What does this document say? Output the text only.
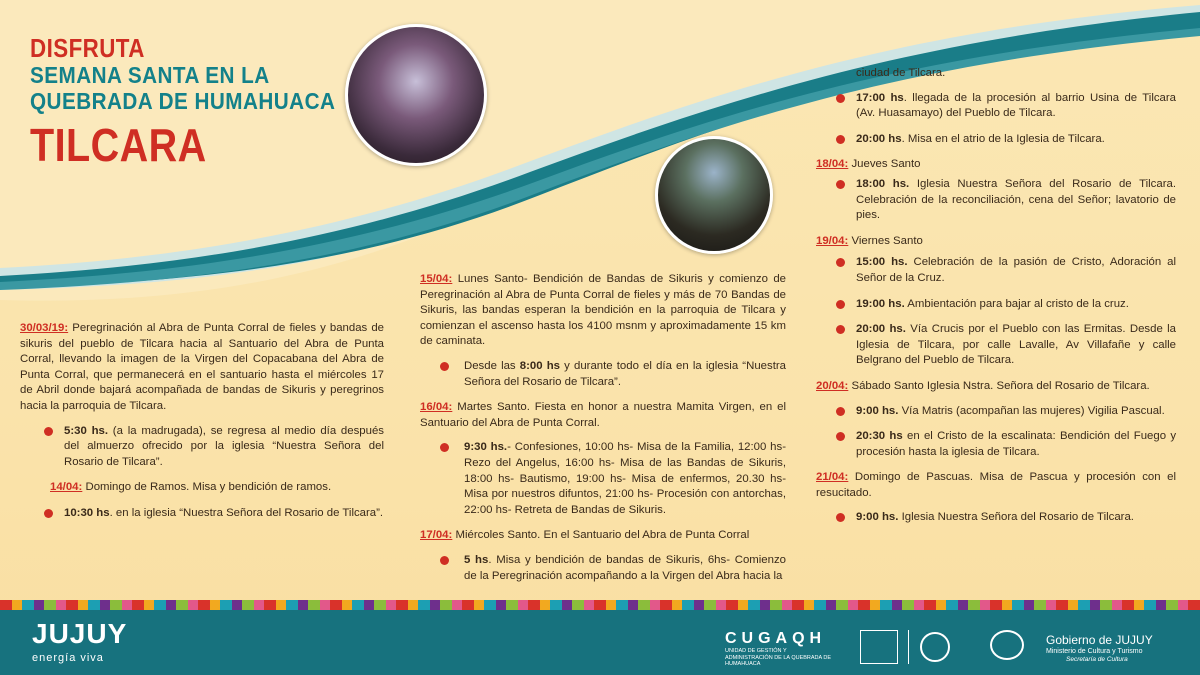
DISFRUTA
SEMANA SANTA EN LA
QUEBRADA DE HUMAHUACA
TILCARA
30/03/19: Peregrinación al Abra de Punta Corral de fieles y bandas de sikuris del pueblo de Tilcara hacia al Santuario del Abra de Punta Corral, llevando la imagen de la Virgen del Copacabana del Abra de Punta Corral, que permanecerá en el santuario hasta el miércoles 17 de Abril donde bajará acompañada de bandas de Sikuris y peregrinos hacia la parroquia de Tilcara.
5:30 hs. (a la madrugada), se regresa al medio día después del almuerzo ofrecido por la iglesia “Nuestra Señora del Rosario de Tilcara”.
14/04: Domingo de Ramos. Misa y bendición de ramos.
10:30 hs. en la iglesia “Nuestra Señora del Rosario de Tilcara”.
15/04: Lunes Santo- Bendición de Bandas de Sikuris y comienzo de Peregrinación al Abra de Punta Corral de fieles y más de 70 Bandas de Sikuris, las bandas esperan la bendición en la parroquia de Tilcara y comienzan el ascenso hasta los 4100 msnm y aproximadamente 15 km de caminata.
Desde las 8:00 hs y durante todo el día en la iglesia “Nuestra Señora del Rosario de Tilcara”.
16/04: Martes Santo. Fiesta en honor a nuestra Mamita Virgen, en el Santuario del Abra de Punta Corral.
9:30 hs.- Confesiones, 10:00 hs- Misa de la Familia, 12:00 hs- Rezo del Angelus, 16:00 hs- Misa de las Bandas de Sikuris, 18:00 hs- Bautismo, 19:00 hs- Misa de enfermos, 20.30 hs- Misa por nuestros difuntos, 21:00 hs- Procesión con antorchas, 22:00 hs- Retreta de Bandas de Sikuris.
17/04: Miércoles Santo. En el Santuario del Abra de Punta Corral
5 hs. Misa y bendición de bandas de Sikuris, 6hs- Comienzo de la Peregrinación acompañando a la Virgen del Abra hacia la
ciudad de Tilcara.
17:00 hs. llegada de la procesión al barrio Usina de Tilcara (Av. Huasamayo) del Pueblo de Tilcara.
20:00 hs. Misa en el atrio de la Iglesia de Tilcara.
18/04: Jueves Santo
18:00 hs. Iglesia Nuestra Señora del Rosario de Tilcara. Celebración de la reconciliación, cena del Señor; lavatorio de pies.
19/04: Viernes Santo
15:00 hs. Celebración de la pasión de Cristo, Adoración al Señor de la Cruz.
19:00 hs. Ambientación para bajar al cristo de la cruz.
20:00 hs. Vía Crucis por el Pueblo con las Ermitas. Desde la Iglesia de Tilcara, por calle Lavalle, Av Villafañe y calle Belgrano del Pueblo de Tilcara.
20/04: Sábado Santo Iglesia Nstra. Señora del Rosario de Tilcara.
9:00 hs. Vía Matris (acompañan las mujeres) Vigilia Pascual.
20:30 hs en el Cristo de la escalinata: Bendición del Fuego y procesión hasta la iglesia de Tilcara.
21/04: Domingo de Pascuas. Misa de Pascua y procesión con el resucitado.
9:00 hs. Iglesia Nuestra Señora del Rosario de Tilcara.
JUJUY
energía viva
CUGAQH
UNIDAD DE GESTIÓN Y ADMINISTRACIÓN DE LA QUEBRADA DE HUMAHUACA
Gobierno de JUJUY
Ministerio de Cultura y Turismo
Secretaría de Cultura
